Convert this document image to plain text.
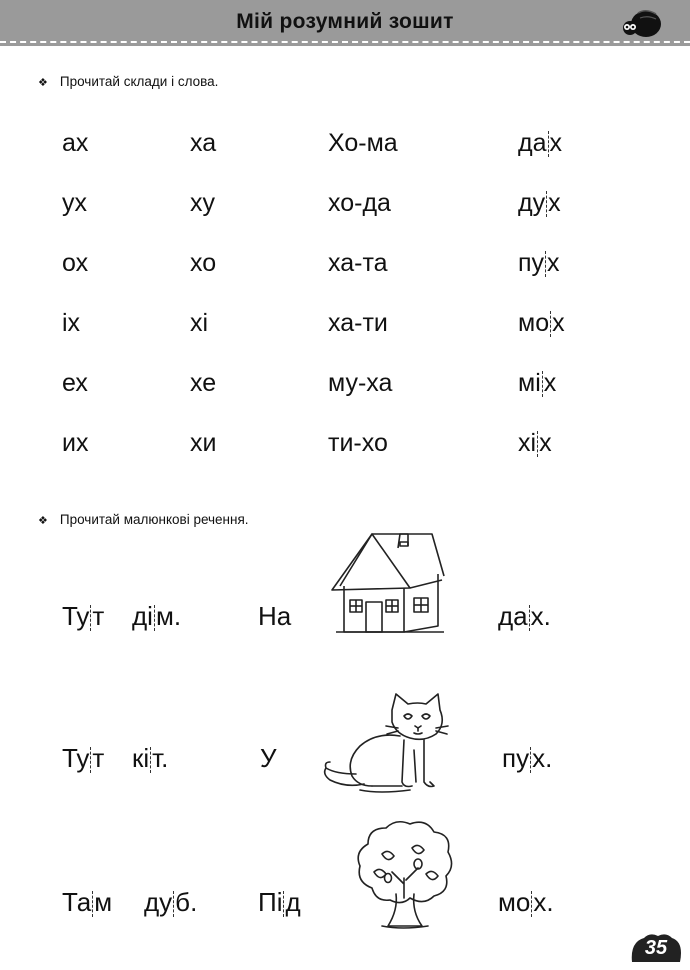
Мій розумний зошит
❖ Прочитай склади і слова.
ах	ха	Хо-ма	да х
ух	ху	хо-да	ду х
ох	хо	ха-та	пу х
іх	хі	ха-ти	мо х
ех	хе	му-ха	мі х
их	хи	ти-хо	хі х
❖ Прочитай малюнкові речення.
Ту т ді м.	На	да х.
Ту т кі т.	У	пу х.
Та м ду б. Пі д	мо х.
35
